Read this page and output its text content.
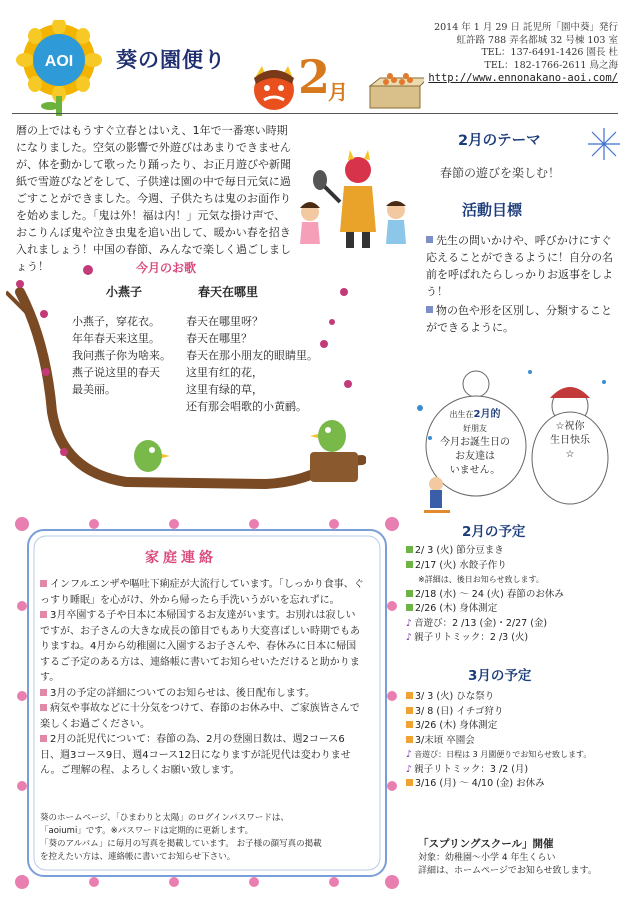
AOI 葵の園便り 2
月
2014 年 1 月 29 日 託児所「園中葵」発行
虹許路 788 弄名都城 32 号棟 103 室
TEL：137-6491-1426 園長 杜
TEL：182-1766-2611 鳥之海
http://www.ennonakano-aoi.com/
暦の上ではもうすぐ立春とはいえ、1年で一番寒い時期になりました。空気の影響で外遊びはあまりできませんが、体を動かして歌ったり踊ったり、お正月遊びや新聞紙で雪遊びなどをして、子供達は園の中で毎日元気に過ごすことができました。今週、子供たちは鬼のお面作りを始めました。「鬼は外！福は内！」元気な掛け声で、おこりんぼ鬼や泣き虫鬼を追い出して、暖かい春を招き入れましょう！中国の春節、みんなで楽しく過ごしましょう！
2月のテーマ
春節の遊びを楽しむ！
活動目標
先生の問いかけや、呼びかけにすぐ応えることができるように！自分の名前を呼ばれたらしっかりお返事をしよう！
物の色や形を区別し、分類することができるように。
今月のお歌
小燕子	春天在哪里
小燕子，穿花衣。
年年春天来这里。
我问燕子你为啥来。
燕子说这里的春天
最美丽。
春天在哪里呀？
春天在哪里？
春天在那小朋友的眼睛里。
这里有红的花，
这里有绿的草，
还有那会唱歌的小黄鹂。
出生在2月的
好朋友
今月お誕生日の
お友達は
いません。
☆祝你
生日快乐
☆
家庭連絡
インフルエンザや嘔吐下痢症が大流行しています。「しっかり食事、ぐっすり睡眠」を心がけ、外から帰ったら手洗いうがいを忘れずに。
3月卒園する子や日本に本帰国するお友達がいます。お別れは寂しいですが、お子さんの大きな成長の節目でもあり大変喜ばしい時期でもありますね。4月から幼稚園に入園するお子さんや、春休みに日本に帰国するご予定のある方は、連絡帳に書いてお知らせいただけると助かります。
3月の予定の詳細についてのお知らせは、後日配布します。
病気や事故などに十分気をつけて、春節のお休み中、ご家族皆さんで楽しくお過ごください。
2月の託児代について：春節の為、2月の登園日数は、週2コース6日、週3コース9日、週4コース12日になりますが託児代は変わりません。ご理解の程、よろしくお願い致します。
葵のホームページ、「ひまわりと太陽」のログインパスワードは、
「aoiumi」です。※パスワードは定期的に更新します。
「葵のアルバム」に毎月の写真を掲載しています。 お子様の顔写真の掲載
を控えたい方は、連絡帳に書いてお知らせ下さい。
2月の予定
2/ 3 (火) 節分豆まき
2/17 (火) 水餃子作り
※詳細は、後日お知らせ致します。
2/18 (水) 〜 24 (火) 春節のお休み
2/26 (木) 身体測定
♪ 音遊び：2 /13 (金)・2/27 (金)
♪ 親子リトミック：2 /3 (火)
3月の予定
3/ 3 (火) ひな祭り
3/ 8 (日) イチゴ狩り
3/26 (木) 身体測定
3/末頃 卒園会
♪ 音遊び：日程は 3 月園便りでお知らせ致します。
♪ 親子リトミック：3 /2 (月)
3/16 (月) 〜 4/10 (金) お休み
「スプリングスクール」開催
対象：幼稚園〜小学 4 年生くらい
詳細は、ホームページでお知らせ致します。
